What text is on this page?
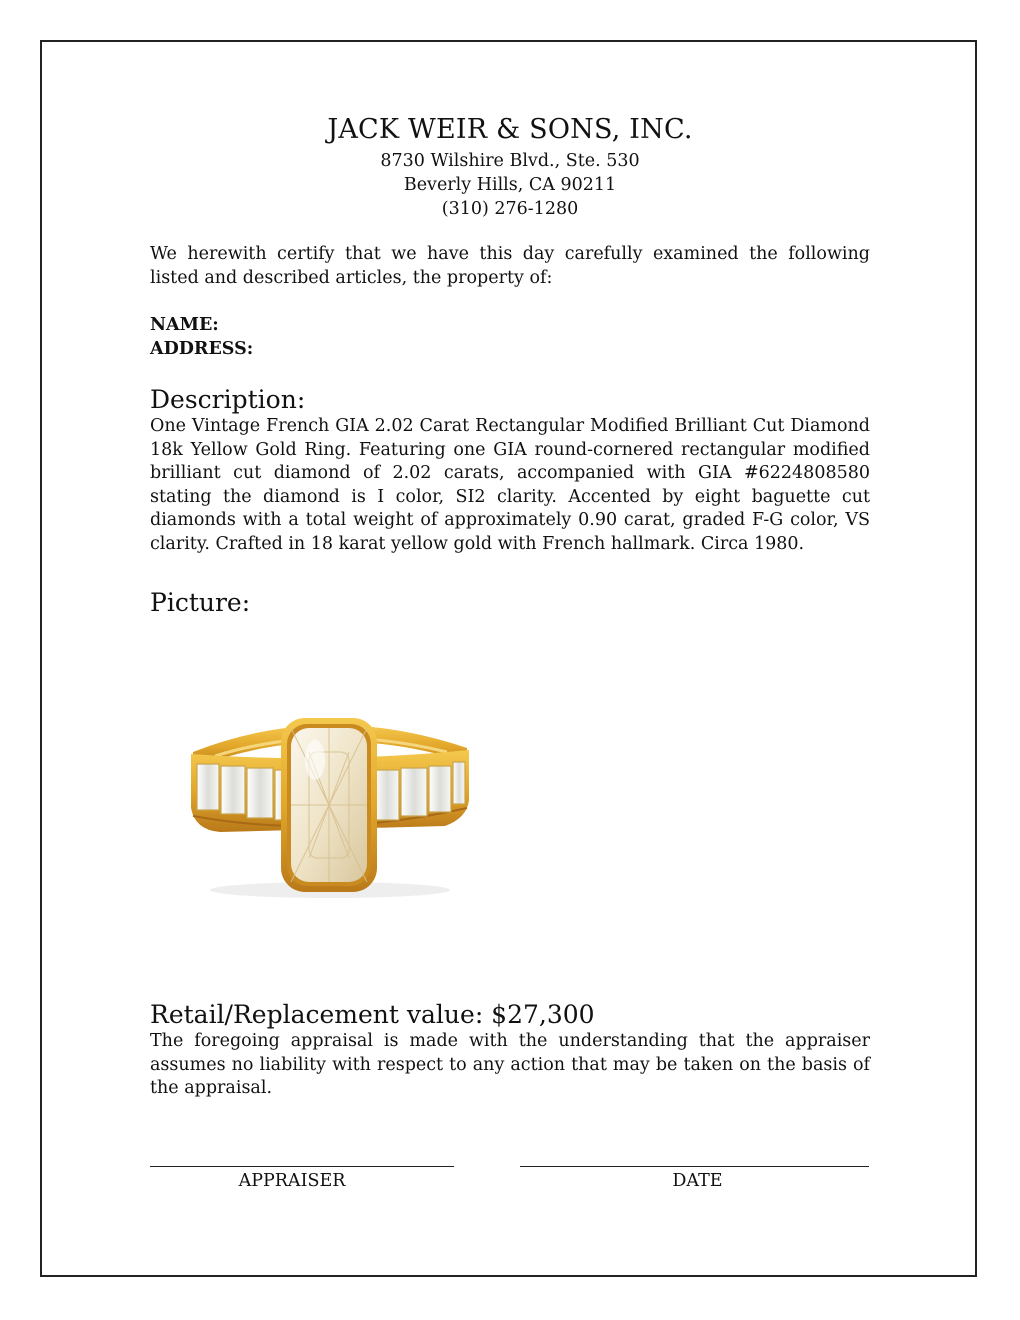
JACK WEIR & SONS, INC.
8730 Wilshire Blvd., Ste. 530
Beverly Hills, CA 90211
(310) 276-1280
We herewith certify that we have this day carefully examined the following listed and described articles, the property of:
NAME:
ADDRESS:
Description:
One Vintage French GIA 2.02 Carat Rectangular Modified Brilliant Cut Diamond 18k Yellow Gold Ring. Featuring one GIA round-cornered rectangular modified brilliant cut diamond of 2.02 carats, accompanied with GIA #6224808580 stating the diamond is I color, SI2 clarity. Accented by eight baguette cut diamonds with a total weight of approximately 0.90 carat, graded F-G color, VS clarity. Crafted in 18 karat yellow gold with French hallmark. Circa 1980.
Picture:
Retail/Replacement value: $27,300
The foregoing appraisal is made with the understanding that the appraiser assumes no liability with respect to any action that may be taken on the basis of the appraisal.
APPRAISER	DATE
